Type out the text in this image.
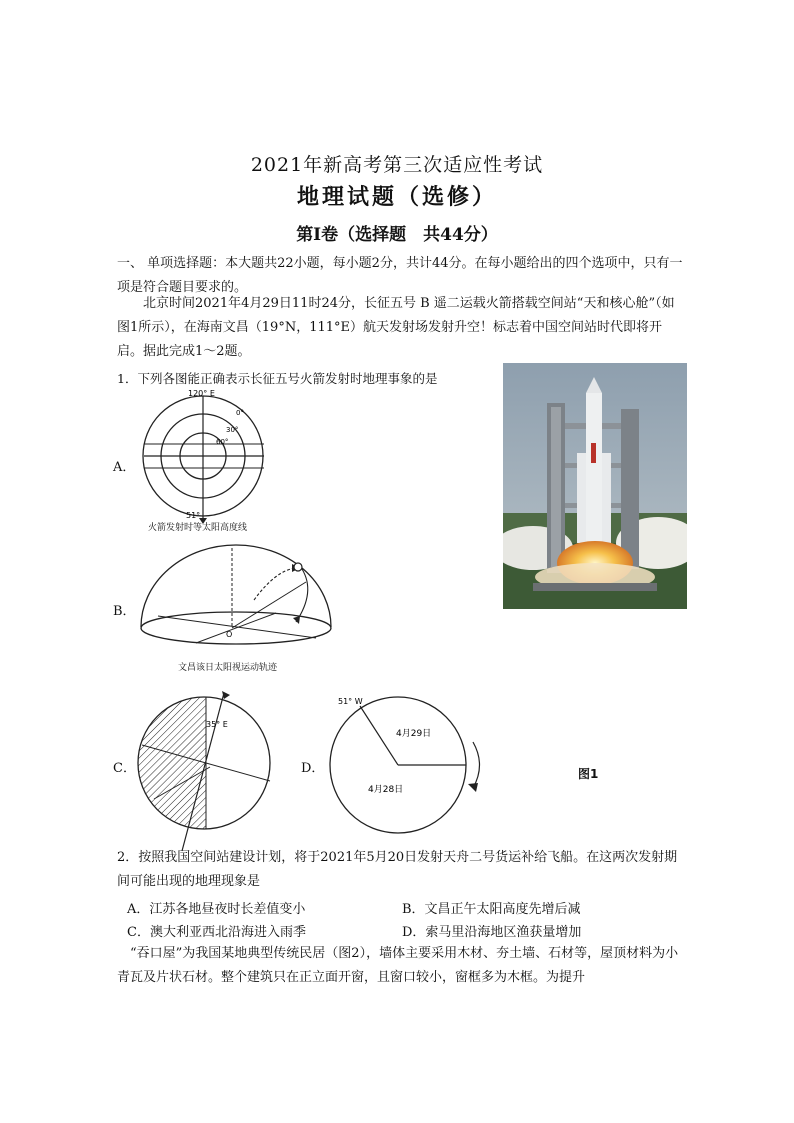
2021年新高考第三次适应性考试
地理试题（选修）
第Ⅰ卷（选择题　共44分）
一、 单项选择题：本大题共22小题，每小题2分，共计44分。在每小题给出的四个选项中，只有一项是符合题目要求的。
北京时间2021年4月29日11时24分，长征五号 B 遥二运载火箭搭载空间站“天和核心舱”（如图1所示），在海南文昌（19°N，111°E）航天发射场发射升空！标志着中国空间站时代即将开启。据此完成1～2题。
1．下列各图能正确表示长征五号火箭发射时地理事象的是
A．
120° E
0°
30°
60°
51°
火箭发射时等太阳高度线
B．
O
文昌该日太阳视运动轨迹
C．
35° E
D．
51° W
4月29日
4月28日
图1
2．按照我国空间站建设计划，将于2021年5月20日发射天舟二号货运补给飞船。在这两次发射期间可能出现的地理现象是
A．江苏各地昼夜时长差值变小	B．文昌正午太阳高度先增后减
C．澳大利亚西北沿海进入雨季	D．索马里沿海地区渔获量增加
“吞口屋”为我国某地典型传统民居（图2），墙体主要采用木材、夯土墙、石材等，屋顶材料为小青瓦及片状石材。整个建筑只在正立面开窗，且窗口较小，窗框多为木框。为提升
